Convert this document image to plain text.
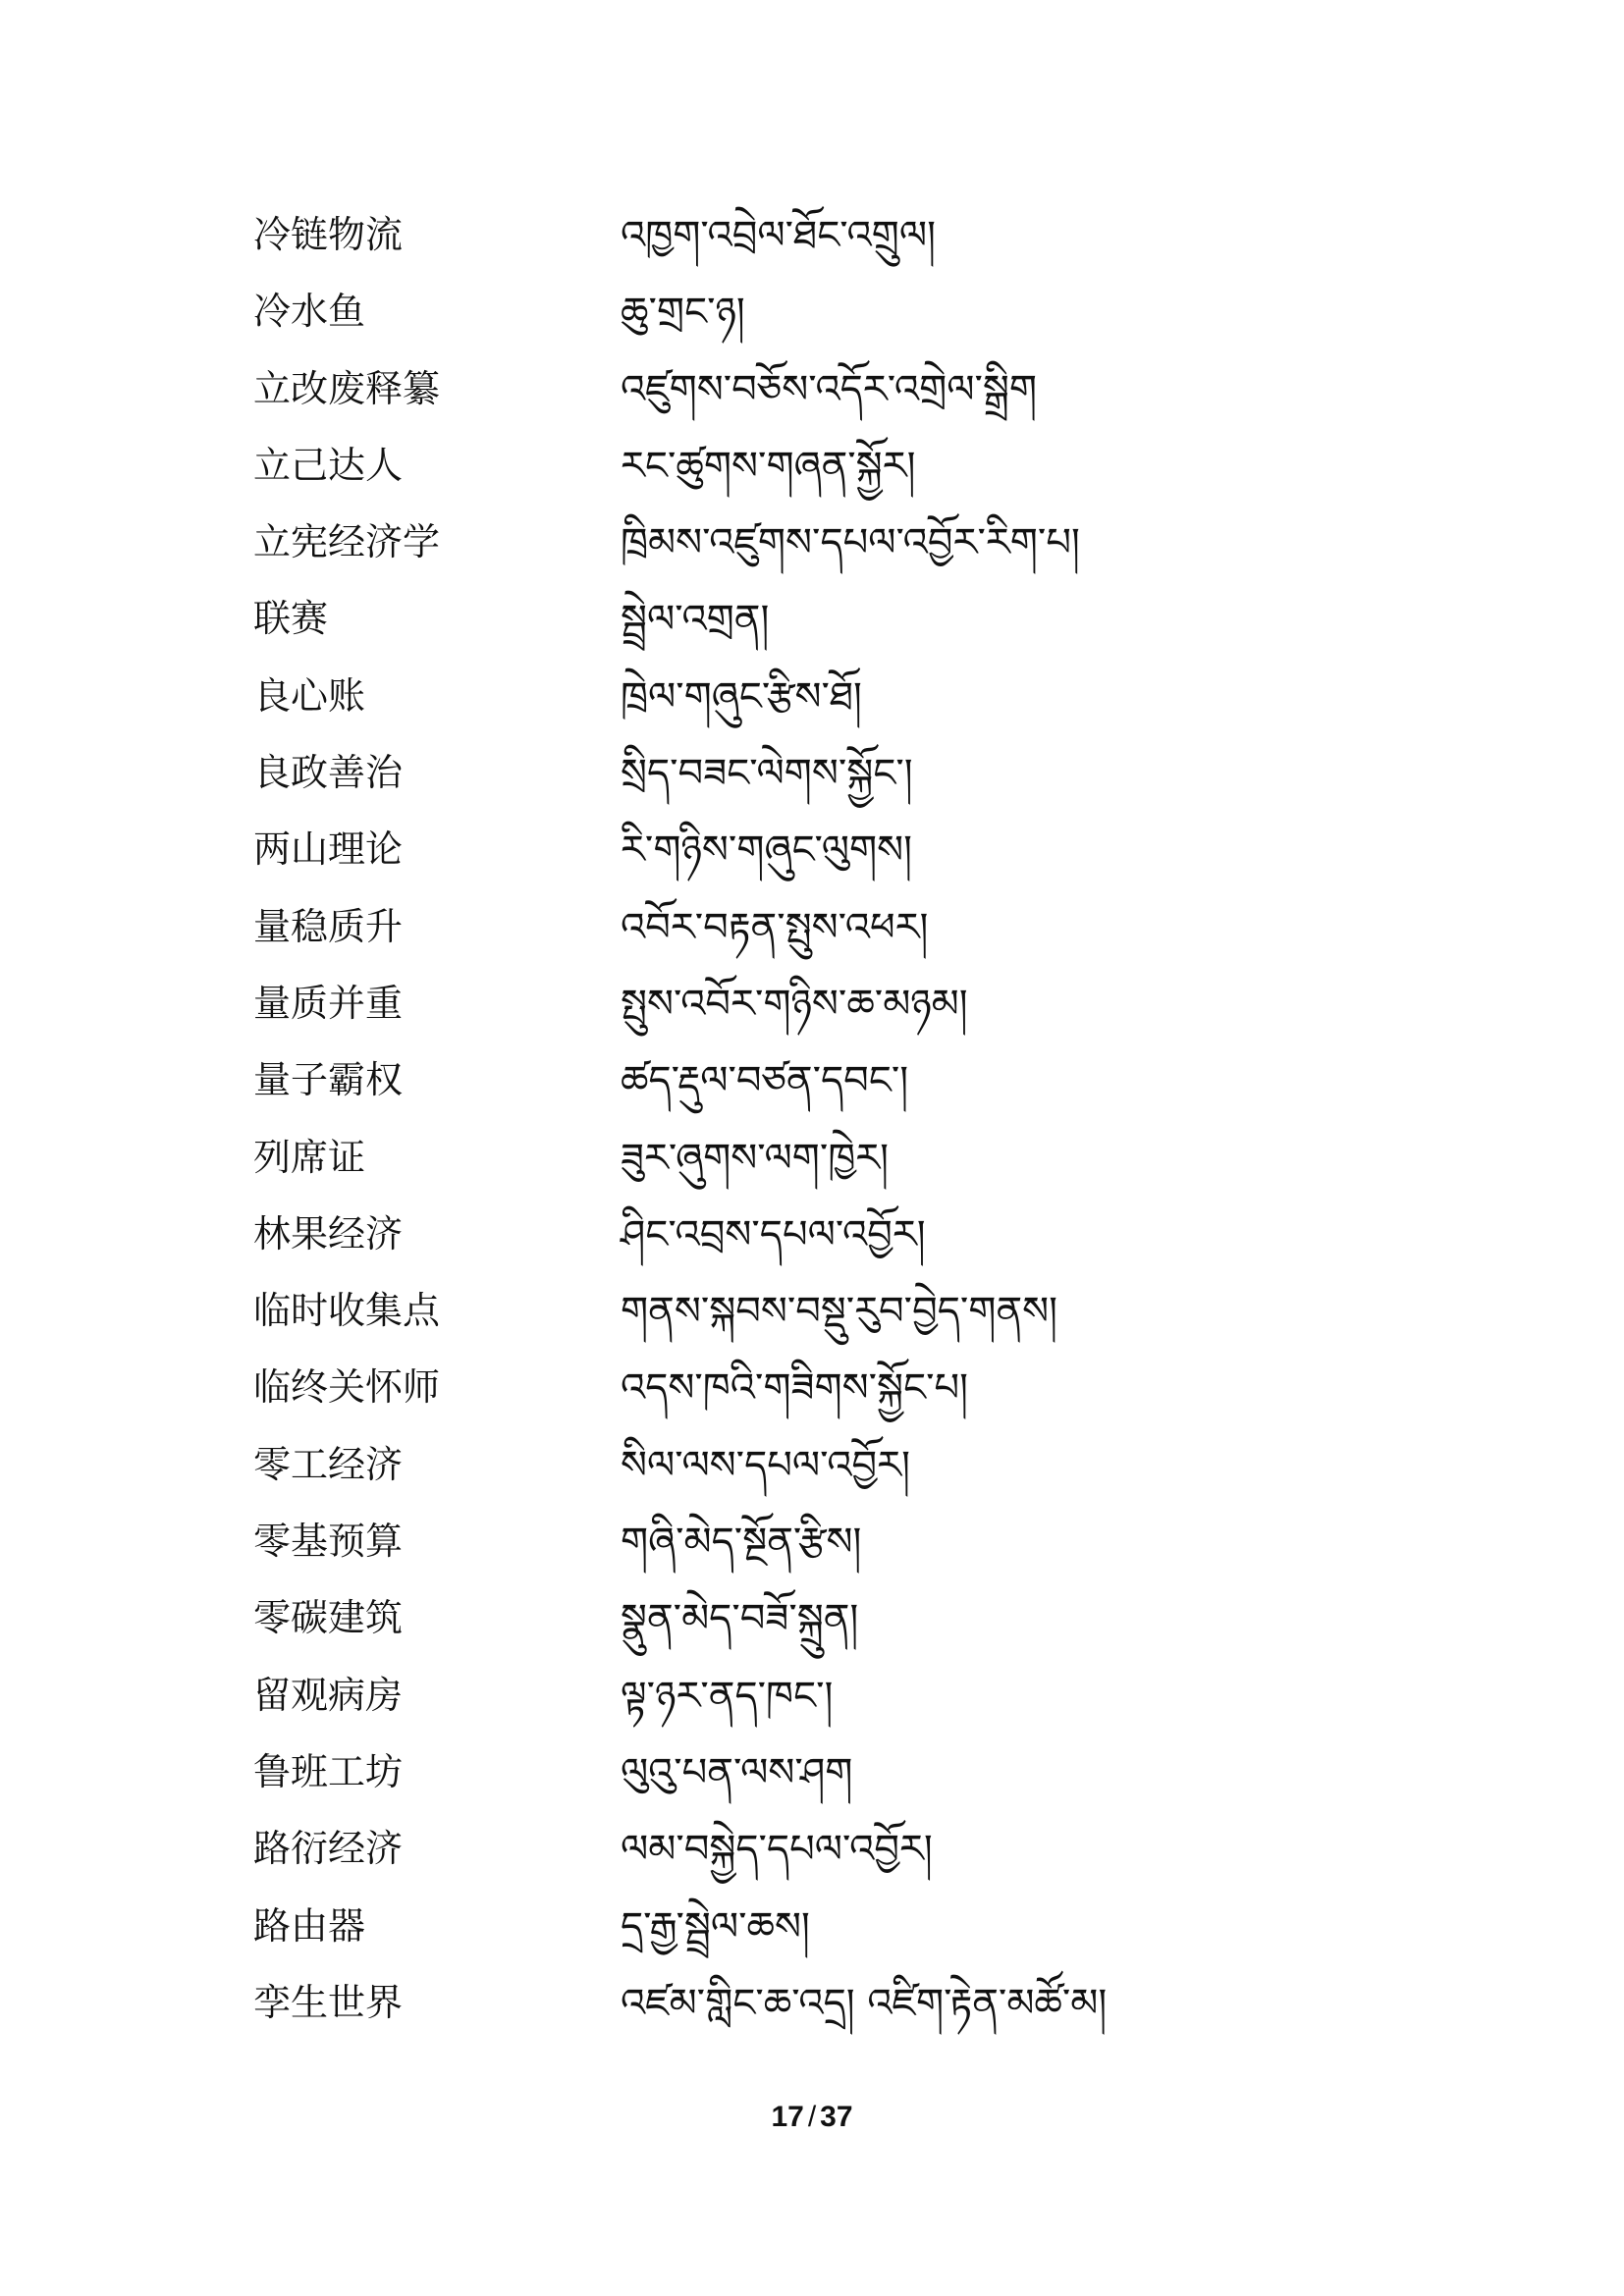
冷链物流	འཁྱག་འབྲེལ་ཐོང་འགྲུལ།
冷水鱼	ཆུ་གྲང་ཉ།
立改废释纂	འཛུགས་བཅོས་འདོར་འགྲེལ་སྒྲིག
立己达人	རང་ཚུགས་གཞན་སྐྱོར།
立宪经济学	ཁྲིམས་འཛུགས་དཔལ་འབྱོར་རིག་པ།
联赛	སྦྲེལ་འགྲན།
良心账	ཁྲེལ་གཞུང་རྩིས་ཐོ།
良政善治	སྲིད་བཟང་ལེགས་སྐྱོང་།
两山理论	རི་གཉིས་གཞུང་ལུགས།
量稳质升	འབོར་བརྟན་སྤུས་འཕར།
量质并重	སྤུས་འབོར་གཉིས་ཆ་མཉམ།
量子霸权	ཚད་རྡུལ་བཙན་དབང་།
列席证	ཟུར་ཞུགས་ལག་ཁྱེར།
林果经济	ཤིང་འབྲས་དཔལ་འབྱོར།
临时收集点	གནས་སྐབས་བསྡུ་རུབ་བྱེད་གནས།
临终关怀师	འདས་ཁའི་གཟིགས་སྐྱོང་པ།
零工经济	སིལ་ལས་དཔལ་འབྱོར།
零基预算	གཞི་མེད་སྔོན་རྩིས།
零碳建筑	སྣུན་མེད་བཟོ་སྐྲུན།
留观病房	ལྟ་ཉར་ནད་ཁང་།
鲁班工坊	ལུའུ་པན་ལས་ཤག
路衍经济	ལམ་བསྐྱེད་དཔལ་འབྱོར།
路由器	དྲ་རྒྱ་སྦྲེལ་ཆས།
孪生世界	འཛམ་གླིང་ཆ་འདྲ། འཛིག་རྟེན་མཚོ་མ།
17 / 37
